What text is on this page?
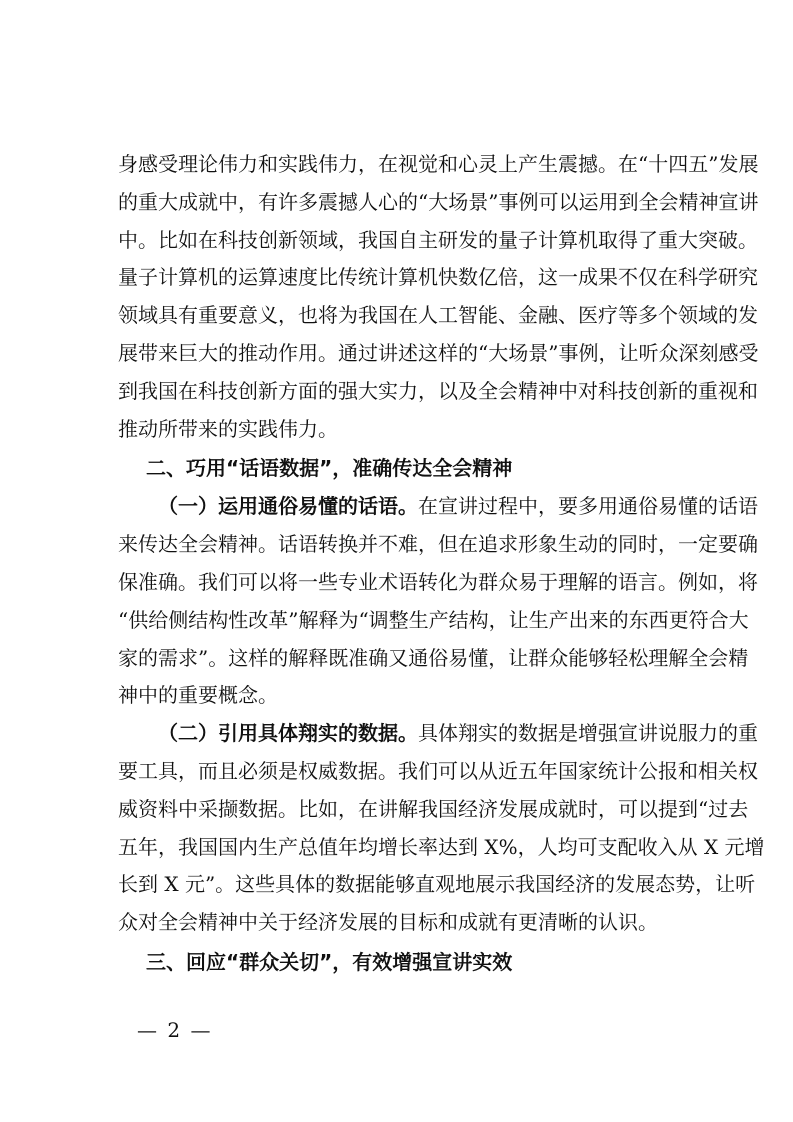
身感受理论伟力和实践伟力，在视觉和心灵上产生震撼。在“十四五”发展
的重大成就中，有许多震撼人心的“大场景”事例可以运用到全会精神宣讲
中。比如在科技创新领域，我国自主研发的量子计算机取得了重大突破。
量子计算机的运算速度比传统计算机快数亿倍，这一成果不仅在科学研究
领域具有重要意义，也将为我国在人工智能、金融、医疗等多个领域的发
展带来巨大的推动作用。通过讲述这样的“大场景”事例，让听众深刻感受
到我国在科技创新方面的强大实力，以及全会精神中对科技创新的重视和
推动所带来的实践伟力。
二、巧用“话语数据”，准确传达全会精神
（一）运用通俗易懂的话语。在宣讲过程中，要多用通俗易懂的话语
来传达全会精神。话语转换并不难，但在追求形象生动的同时，一定要确
保准确。我们可以将一些专业术语转化为群众易于理解的语言。例如，将
“供给侧结构性改革”解释为“调整生产结构，让生产出来的东西更符合大
家的需求”。这样的解释既准确又通俗易懂，让群众能够轻松理解全会精
神中的重要概念。
（二）引用具体翔实的数据。具体翔实的数据是增强宣讲说服力的重
要工具，而且必须是权威数据。我们可以从近五年国家统计公报和相关权
威资料中采撷数据。比如，在讲解我国经济发展成就时，可以提到“过去
五年，我国国内生产总值年均增长率达到 X%，人均可支配收入从 X 元增
长到 X 元”。这些具体的数据能够直观地展示我国经济的发展态势，让听
众对全会精神中关于经济发展的目标和成就有更清晰的认识。
三、回应“群众关切”，有效增强宣讲实效
— 2 —
